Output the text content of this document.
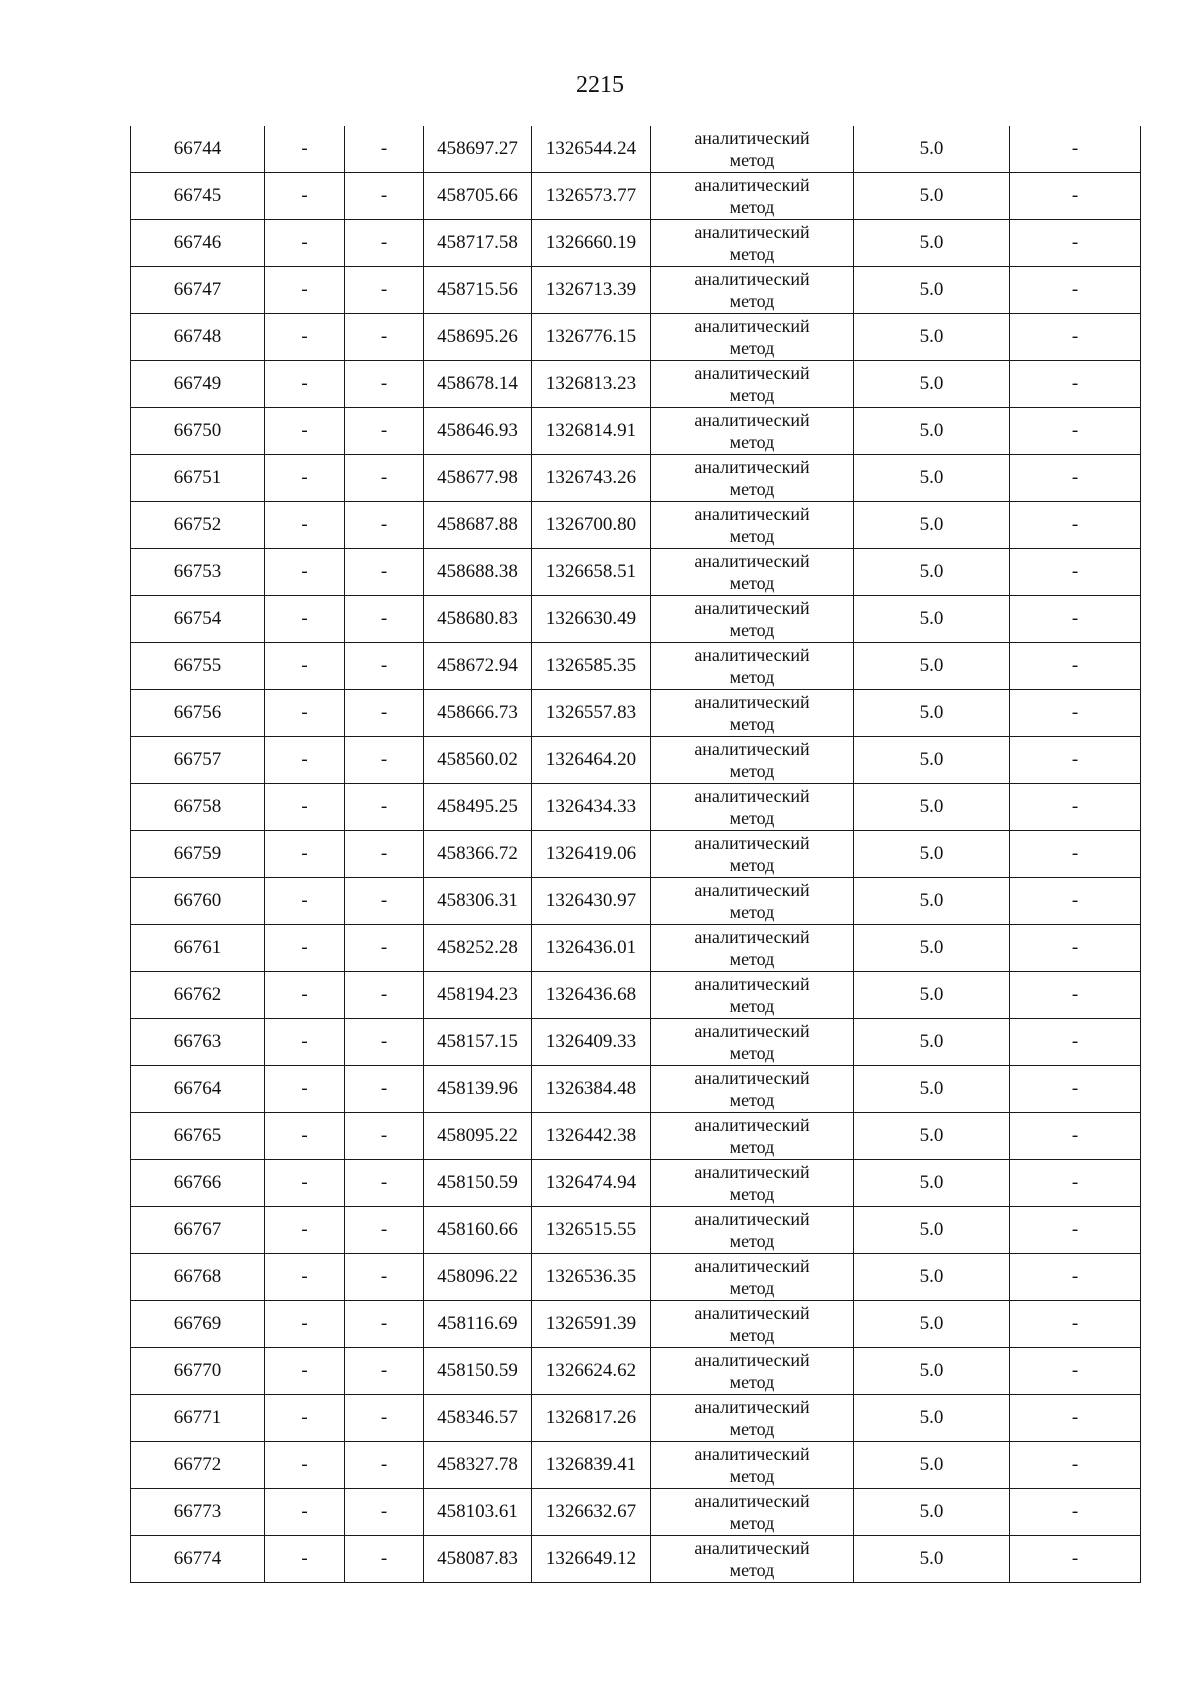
2215
66744	-	-	458697.27	1326544.24	аналитический метод	5.0	-
66745	-	-	458705.66	1326573.77	аналитический метод	5.0	-
66746	-	-	458717.58	1326660.19	аналитический метод	5.0	-
66747	-	-	458715.56	1326713.39	аналитический метод	5.0	-
66748	-	-	458695.26	1326776.15	аналитический метод	5.0	-
66749	-	-	458678.14	1326813.23	аналитический метод	5.0	-
66750	-	-	458646.93	1326814.91	аналитический метод	5.0	-
66751	-	-	458677.98	1326743.26	аналитический метод	5.0	-
66752	-	-	458687.88	1326700.80	аналитический метод	5.0	-
66753	-	-	458688.38	1326658.51	аналитический метод	5.0	-
66754	-	-	458680.83	1326630.49	аналитический метод	5.0	-
66755	-	-	458672.94	1326585.35	аналитический метод	5.0	-
66756	-	-	458666.73	1326557.83	аналитический метод	5.0	-
66757	-	-	458560.02	1326464.20	аналитический метод	5.0	-
66758	-	-	458495.25	1326434.33	аналитический метод	5.0	-
66759	-	-	458366.72	1326419.06	аналитический метод	5.0	-
66760	-	-	458306.31	1326430.97	аналитический метод	5.0	-
66761	-	-	458252.28	1326436.01	аналитический метод	5.0	-
66762	-	-	458194.23	1326436.68	аналитический метод	5.0	-
66763	-	-	458157.15	1326409.33	аналитический метод	5.0	-
66764	-	-	458139.96	1326384.48	аналитический метод	5.0	-
66765	-	-	458095.22	1326442.38	аналитический метод	5.0	-
66766	-	-	458150.59	1326474.94	аналитический метод	5.0	-
66767	-	-	458160.66	1326515.55	аналитический метод	5.0	-
66768	-	-	458096.22	1326536.35	аналитический метод	5.0	-
66769	-	-	458116.69	1326591.39	аналитический метод	5.0	-
66770	-	-	458150.59	1326624.62	аналитический метод	5.0	-
66771	-	-	458346.57	1326817.26	аналитический метод	5.0	-
66772	-	-	458327.78	1326839.41	аналитический метод	5.0	-
66773	-	-	458103.61	1326632.67	аналитический метод	5.0	-
66774	-	-	458087.83	1326649.12	аналитический метод	5.0	-
